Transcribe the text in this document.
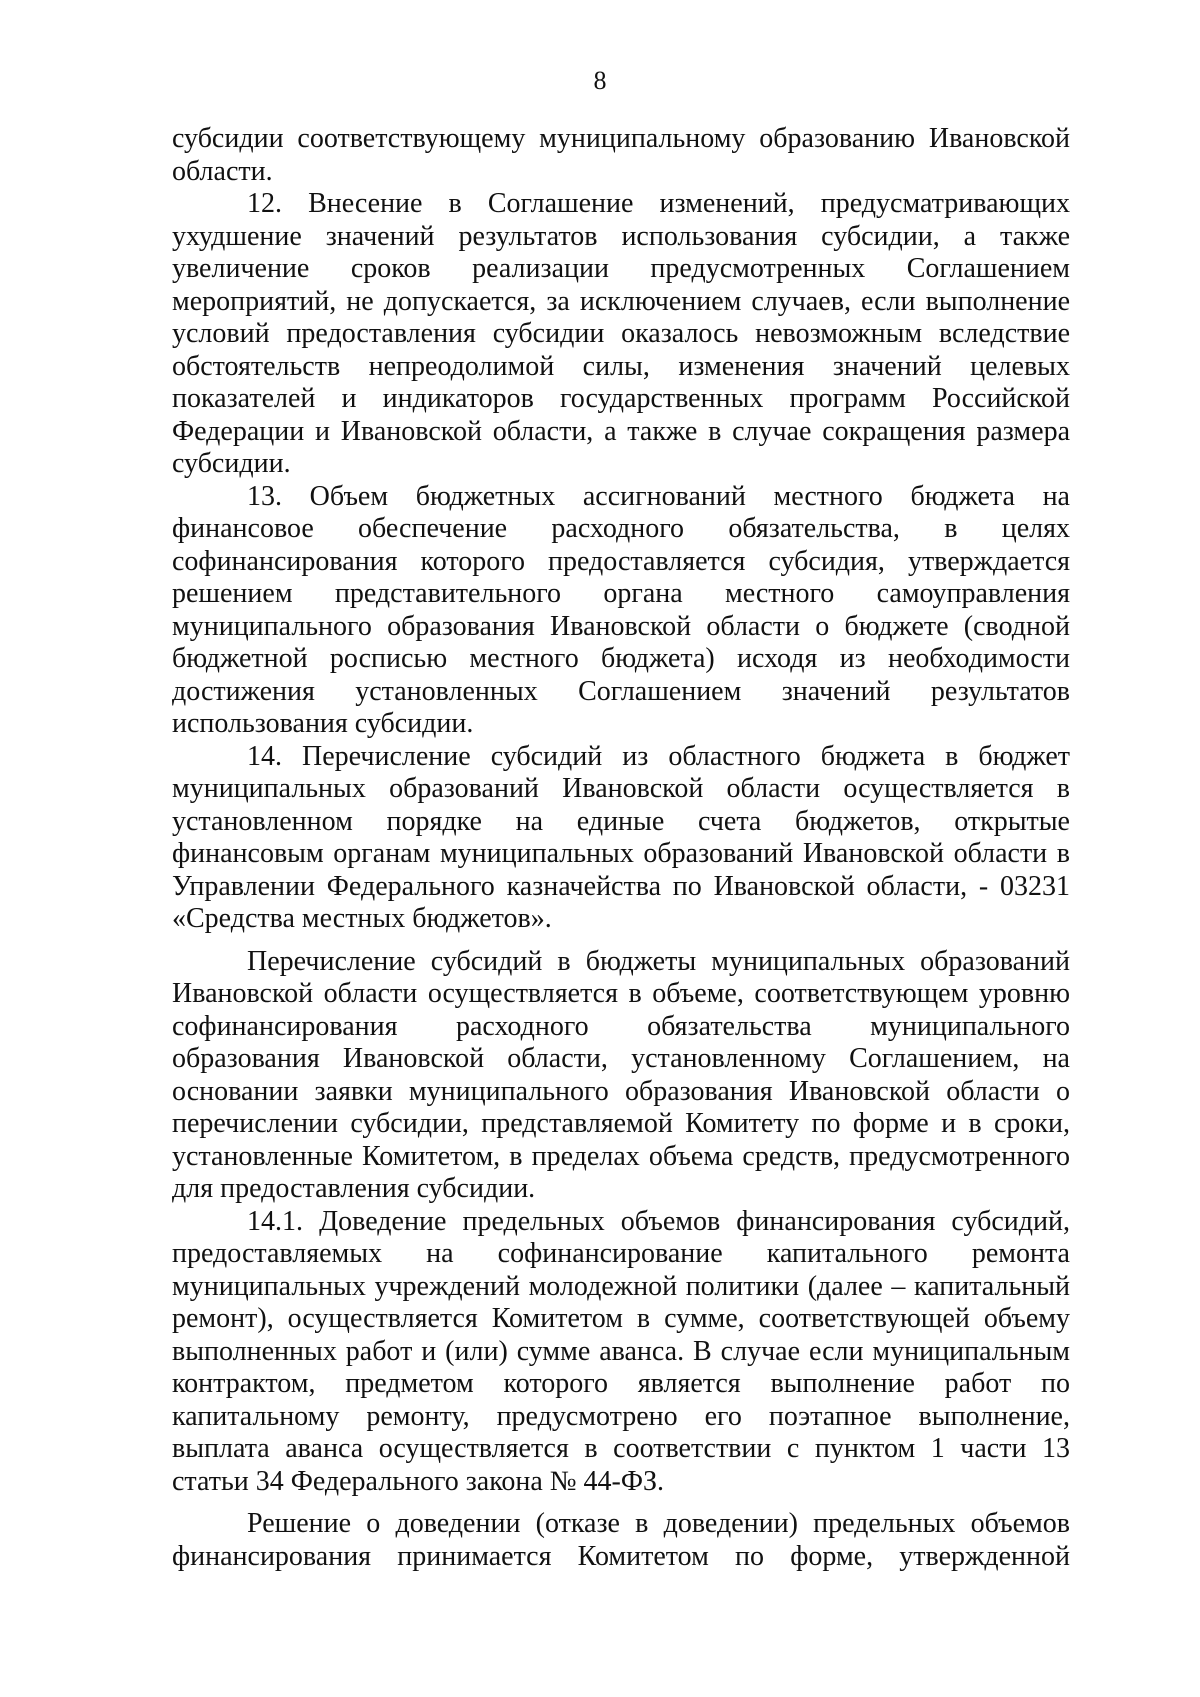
8
субсидии соответствующему муниципальному образованию Ивановской
области.
12. Внесение в Соглашение изменений, предусматривающих
ухудшение значений результатов использования субсидии, а также
увеличение сроков реализации предусмотренных Соглашением
мероприятий, не допускается, за исключением случаев, если выполнение
условий предоставления субсидии оказалось невозможным вследствие
обстоятельств непреодолимой силы, изменения значений целевых
показателей и индикаторов государственных программ Российской
Федерации и Ивановской области, а также в случае сокращения размера
субсидии.
13. Объем бюджетных ассигнований местного бюджета на
финансовое обеспечение расходного обязательства, в целях
софинансирования которого предоставляется субсидия, утверждается
решением представительного органа местного самоуправления
муниципального образования Ивановской области о бюджете (сводной
бюджетной росписью местного бюджета) исходя из необходимости
достижения установленных Соглашением значений результатов
использования субсидии.
14. Перечисление субсидий из областного бюджета в бюджет
муниципальных образований Ивановской области осуществляется в
установленном порядке на единые счета бюджетов, открытые
финансовым органам муниципальных образований Ивановской области в
Управлении Федерального казначейства по Ивановской области, - 03231
«Средства местных бюджетов».
Перечисление субсидий в бюджеты муниципальных образований
Ивановской области осуществляется в объеме, соответствующем уровню
софинансирования расходного обязательства муниципального
образования Ивановской области, установленному Соглашением, на
основании заявки муниципального образования Ивановской области о
перечислении субсидии, представляемой Комитету по форме и в сроки,
установленные Комитетом, в пределах объема средств, предусмотренного
для предоставления субсидии.
14.1. Доведение предельных объемов финансирования субсидий,
предоставляемых на софинансирование капитального ремонта
муниципальных учреждений молодежной политики (далее – капитальный
ремонт), осуществляется Комитетом в сумме, соответствующей объему
выполненных работ и (или) сумме аванса. В случае если муниципальным
контрактом, предметом которого является выполнение работ по
капитальному ремонту, предусмотрено его поэтапное выполнение,
выплата аванса осуществляется в соответствии с пунктом 1 части 13
статьи 34 Федерального закона № 44-ФЗ.
Решение о доведении (отказе в доведении) предельных объемов
финансирования принимается Комитетом по форме, утвержденной
